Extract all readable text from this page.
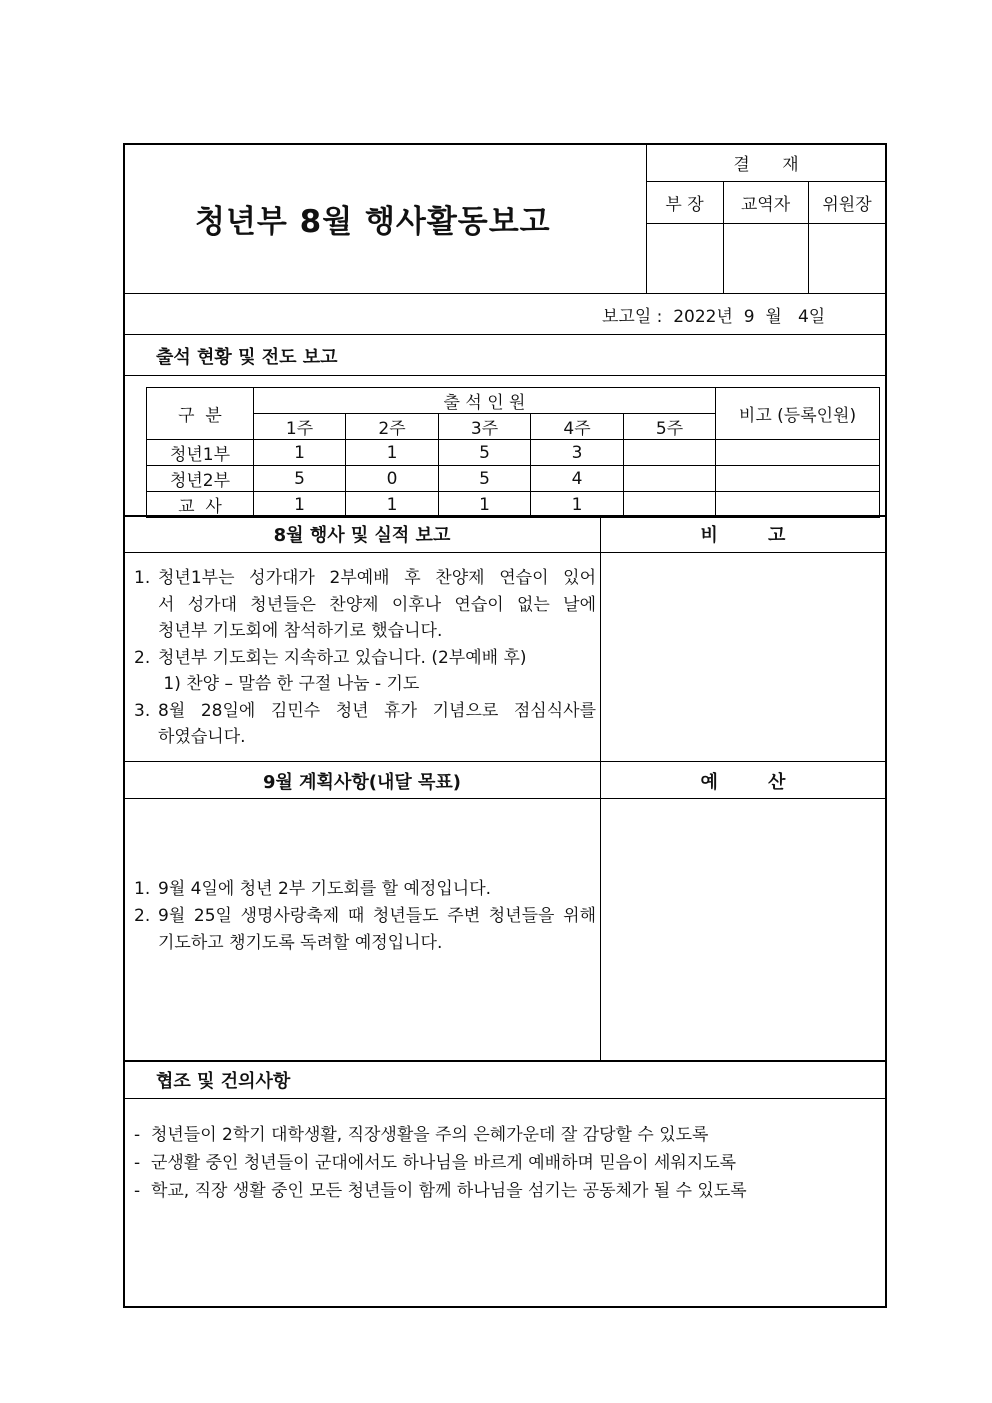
청년부 8월 행사활동보고
결      재
부 장	교역자	위원장
보고일 :  2022년  9  월   4일
출석 현황 및 전도 보고
구  분	출 석 인 원					비고 (등록인원)
	1주	2주	3주	4주	5주	
청년1부	1	1	5	3		
청년2부	5	0	5	4		
교  사	1	1	1	1		
8월 행사 및 실적 보고	비        고
1. 청년1부는 성가대가 2부예배 후 찬양제 연습이 있어
서 성가대 청년들은 찬양제 이후나 연습이 없는 날에
청년부 기도회에 참석하기로 했습니다.
2. 청년부 기도회는 지속하고 있습니다. (2부예배 후)
1) 찬양 – 말씀 한 구절 나눔 - 기도
3. 8월 28일에 김민수 청년 휴가 기념으로 점심식사를
하였습니다.
9월 계획사항(내달 목표)	예        산
1. 9월 4일에 청년 2부 기도회를 할 예정입니다.
2. 9월 25일 생명사랑축제 때 청년들도 주변 청년들을 위해
기도하고 챙기도록 독려할 예정입니다.
협조 및 건의사항
-  청년들이 2학기 대학생활, 직장생활을 주의 은혜가운데 잘 감당할 수 있도록
-  군생활 중인 청년들이 군대에서도 하나님을 바르게 예배하며 믿음이 세워지도록
-  학교, 직장 생활 중인 모든 청년들이 함께 하나님을 섬기는 공동체가 될 수 있도록
